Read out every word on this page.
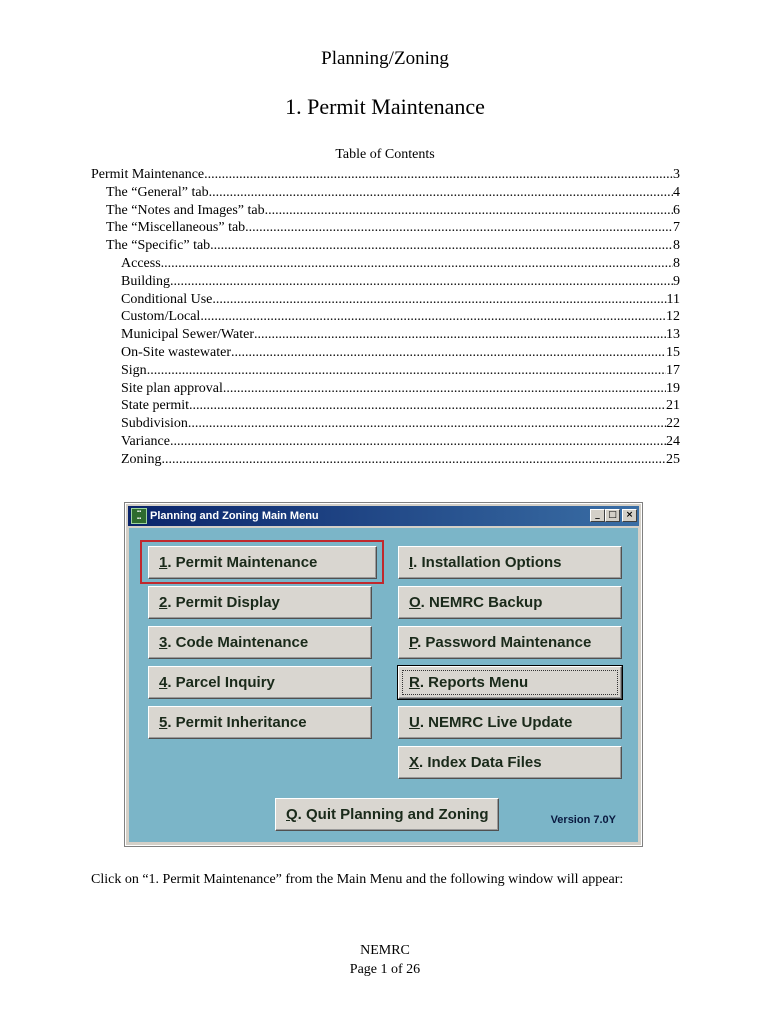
Planning/Zoning
1. Permit Maintenance
Table of Contents
Permit Maintenance .....	3
The “General” tab .....	4
The “Notes and Images” tab .....	6
The “Miscellaneous” tab .....	7
The “Specific” tab .....	8
Access .....	8
Building .....	9
Conditional Use .....	11
Custom/Local .....	12
Municipal Sewer/Water .....	13
On-Site wastewater .....	15
Sign .....	17
Site plan approval .....	19
State permit .....	21
Subdivision .....	22
Variance .....	24
Zoning .....	25
▪▪
▪▪ Planning and Zoning Main Menu	_ □ ×
1. Permit Maintenance
2. Permit Display
3. Code Maintenance
4. Parcel Inquiry
5. Permit Inheritance
I. Installation Options
O. NEMRC Backup
P. Password Maintenance
R. Reports Menu
U. NEMRC Live Update
X. Index Data Files
Q. Quit Planning and Zoning	Version 7.0Y
Click on “1. Permit Maintenance” from the Main Menu and the following window will appear:
NEMRC
Page 1 of 26
